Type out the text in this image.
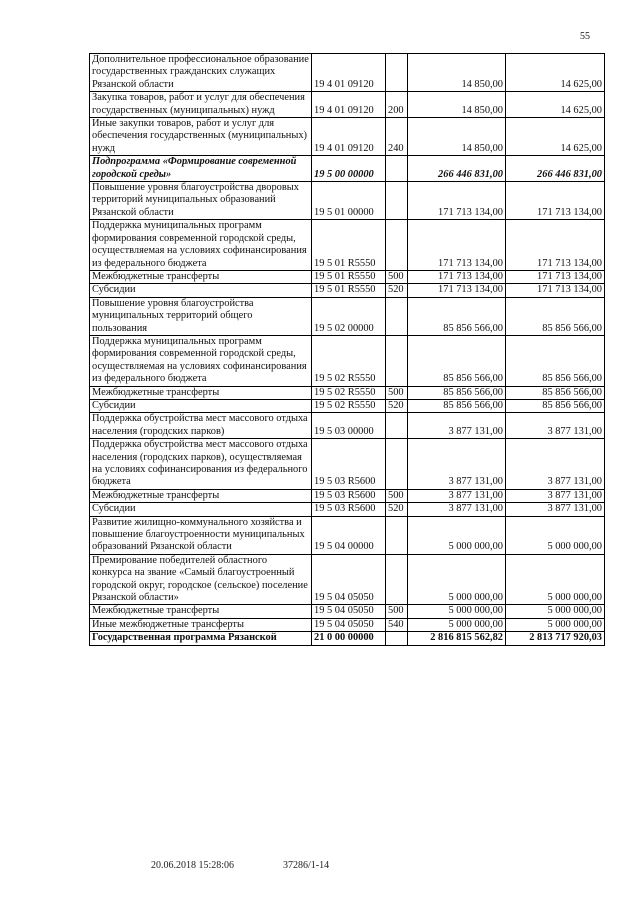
55
Дополнительное профессиональное образование государственных гражданских служащих Рязанской области	19 4 01 09120		14 850,00	14 625,00
Закупка товаров, работ и услуг для обеспечения государственных (муниципальных) нужд	19 4 01 09120	200	14 850,00	14 625,00
Иные закупки товаров, работ и услуг для обеспечения государственных (муниципальных) нужд	19 4 01 09120	240	14 850,00	14 625,00
Подпрограмма «Формирование современной городской среды»	19 5 00 00000		266 446 831,00	266 446 831,00
Повышение уровня благоустройства дворовых территорий муниципальных образований Рязанской области	19 5 01 00000		171 713 134,00	171 713 134,00
Поддержка муниципальных программ формирования современной городской среды, осуществляемая на условиях софинансирования из федерального бюджета	19 5 01 R5550		171 713 134,00	171 713 134,00
Межбюджетные трансферты	19 5 01 R5550	500	171 713 134,00	171 713 134,00
Субсидии	19 5 01 R5550	520	171 713 134,00	171 713 134,00
Повышение уровня благоустройства муниципальных территорий общего пользования	19 5 02 00000		85 856 566,00	85 856 566,00
Поддержка муниципальных программ формирования современной городской среды, осуществляемая на условиях софинансирования из федерального бюджета	19 5 02 R5550		85 856 566,00	85 856 566,00
Межбюджетные трансферты	19 5 02 R5550	500	85 856 566,00	85 856 566,00
Субсидии	19 5 02 R5550	520	85 856 566,00	85 856 566,00
Поддержка обустройства мест массового отдыха населения (городских парков)	19 5 03 00000		3 877 131,00	3 877 131,00
Поддержка обустройства мест массового отдыха населения (городских парков), осуществляемая на условиях софинансирования из федерального бюджета	19 5 03 R5600		3 877 131,00	3 877 131,00
Межбюджетные трансферты	19 5 03 R5600	500	3 877 131,00	3 877 131,00
Субсидии	19 5 03 R5600	520	3 877 131,00	3 877 131,00
Развитие жилищно-коммунального хозяйства и повышение благоустроенности муниципальных образований Рязанской области	19 5 04 00000		5 000 000,00	5 000 000,00
Премирование победителей областного конкурса на звание «Самый благоустроенный городской округ, городское (сельское) поселение Рязанской области»	19 5 04 05050		5 000 000,00	5 000 000,00
Межбюджетные трансферты	19 5 04 05050	500	5 000 000,00	5 000 000,00
Иные межбюджетные трансферты	19 5 04 05050	540	5 000 000,00	5 000 000,00
Государственная программа Рязанской	21 0 00 00000		2 816 815 562,82	2 813 717 920,03
20.06.2018 15:28:06	37286/1-14
